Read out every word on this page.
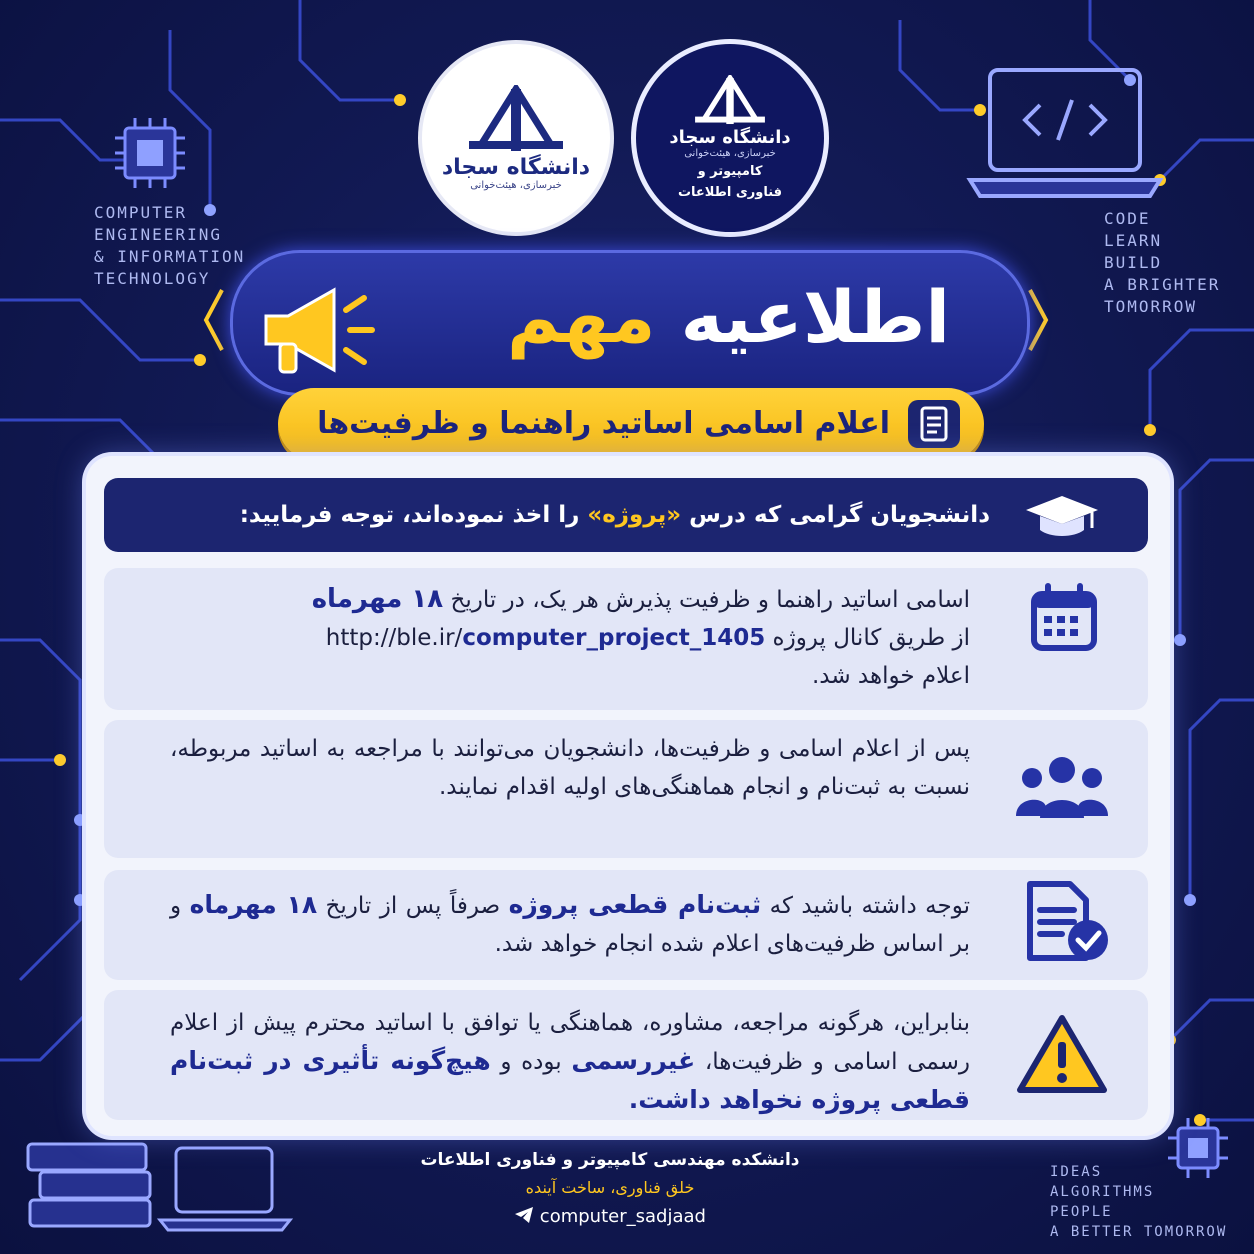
COMPUTER
ENGINEERING
& INFORMATION
TECHNOLOGY
CODE
LEARN
BUILD
A BRIGHTER
TOMORROW
IDEAS
ALGORITHMS
PEOPLE
A BETTER TOMORROW
دانشگاه سجاد
خبرسازی، هیئت‌خوانی
دانشگاه سجاد
خبرسازی، هیئت‌خوانی
کامپیوتر و
فناوری اطلاعات
اطلاعیه مهم
اعلام اسامی اساتید راهنما و ظرفیت‌ها
دانشجویان گرامی که درس «پروژه» را اخذ نموده‌اند، توجه فرمایید:
اسامی اساتید راهنما و ظرفیت پذیرش هر یک، در تاریخ ۱۸ مهرماه
از طریق کانال پروژه http://ble.ir/computer_project_1405
اعلام خواهد شد.
پس از اعلام اسامی و ظرفیت‌ها، دانشجویان می‌توانند با مراجعه به اساتید مربوطه، نسبت به ثبت‌نام و انجام هماهنگی‌های اولیه اقدام نمایند.
توجه داشته باشید که ثبت‌نام قطعی پروژه صرفاً پس از تاریخ ۱۸ مهرماه و بر اساس ظرفیت‌های اعلام شده انجام خواهد شد.
بنابراین، هرگونه مراجعه، مشاوره، هماهنگی یا توافق با اساتید محترم پیش از اعلام رسمی اسامی و ظرفیت‌ها، غیررسمی بوده و هیچ‌گونه تأثیری در ثبت‌نام قطعی پروژه نخواهد داشت.
دانشکده مهندسی کامپیوتر و فناوری اطلاعات
خلق فناوری، ساخت آینده
computer_sadjaad
